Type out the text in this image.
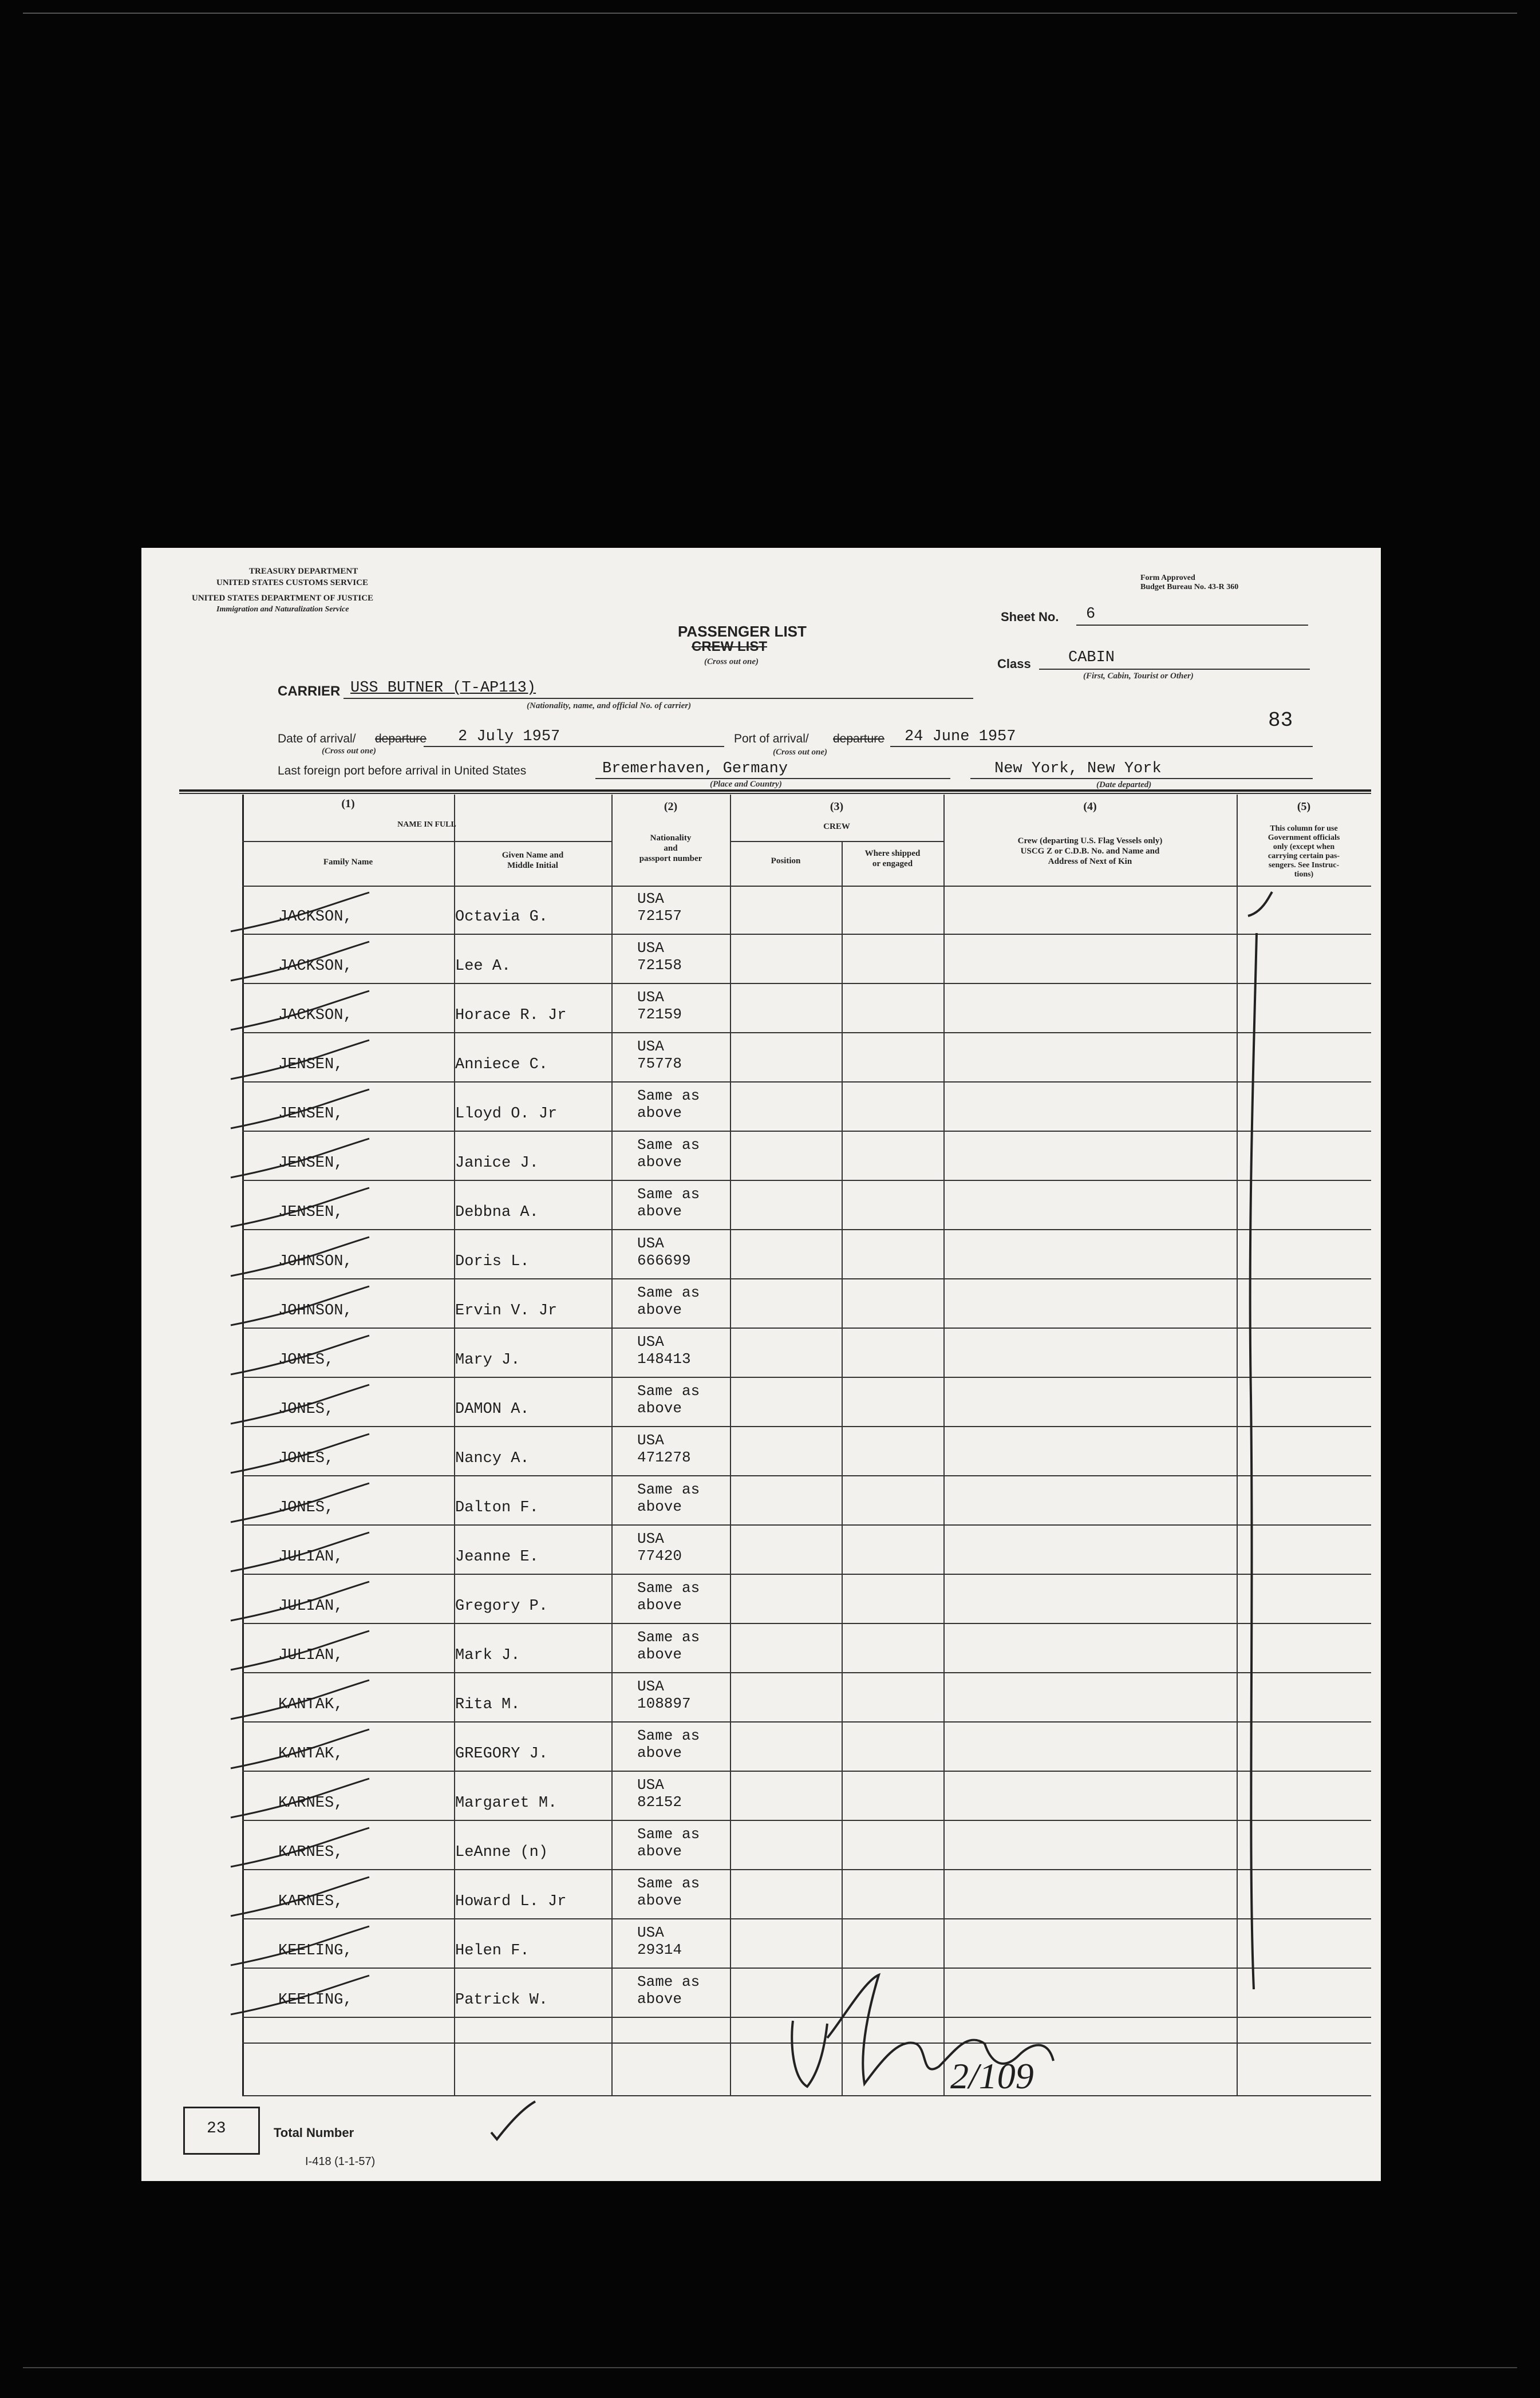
TREASURY DEPARTMENT
UNITED STATES CUSTOMS SERVICE
UNITED STATES DEPARTMENT OF JUSTICE
Immigration and Naturalization Service
Form Approved
Budget Bureau No. 43-R 360
PASSENGER LIST
CREW LIST
(Cross out one)
Sheet No. 6
Class CABIN
(First, Cabin, Tourist or Other)
CARRIER USS BUTNER (T-AP113)
(Nationality, name, and official No. of carrier)
83
Date of arrival/ departure 2 July 1957
(Cross out one)
Port of arrival/ departure 24 June 1957
(Cross out one)
Last foreign port before arrival in United States	Bremerhaven, Germany
(Place and Country)
New York, New York
(Date departed)
(1)
NAME IN FULL
Family Name
Given Name and
Middle Initial
(2)
Nationality
and
passport number
(3)
CREW
Position
Where shipped
or engaged
(4)
Crew (departing U.S. Flag Vessels only)
USCG Z or C.D.B. No. and Name and
Address of Next of Kin
(5)
This column for use
Government officials
only (except when
carrying certain pas-
sengers. See Instruc-
tions)
JACKSON,	Octavia G.
USA
72157
JACKSON,	Lee A.
USA
72158
JACKSON,	Horace R. Jr
USA
72159
JENSEN,	Anniece C.
USA
75778
JENSEN,	Lloyd O. Jr
Same as
above
JENSEN,	Janice J.
Same as
above
JENSEN,	Debbna A.
Same as
above
JOHNSON,	Doris L.
USA
666699
JOHNSON,	Ervin V. Jr
Same as
above
JONES,	Mary J.
USA
148413
JONES,	DAMON A.
Same as
above
JONES,	Nancy A.
USA
471278
JONES,	Dalton F.
Same as
above
JULIAN,	Jeanne E.
USA
77420
JULIAN,	Gregory P.
Same as
above
JULIAN,	Mark J.
Same as
above
KANTAK,	Rita M.
USA
108897
KANTAK,	GREGORY J.
Same as
above
KARNES,	Margaret M.
USA
82152
KARNES,	LeAnne (n)
Same as
above
KARNES,	Howard L. Jr
Same as
above
KEELING,	Helen F.
USA
29314
KEELING,	Patrick W.
Same as
above
2/109
23	Total Number
I-418 (1-1-57)
